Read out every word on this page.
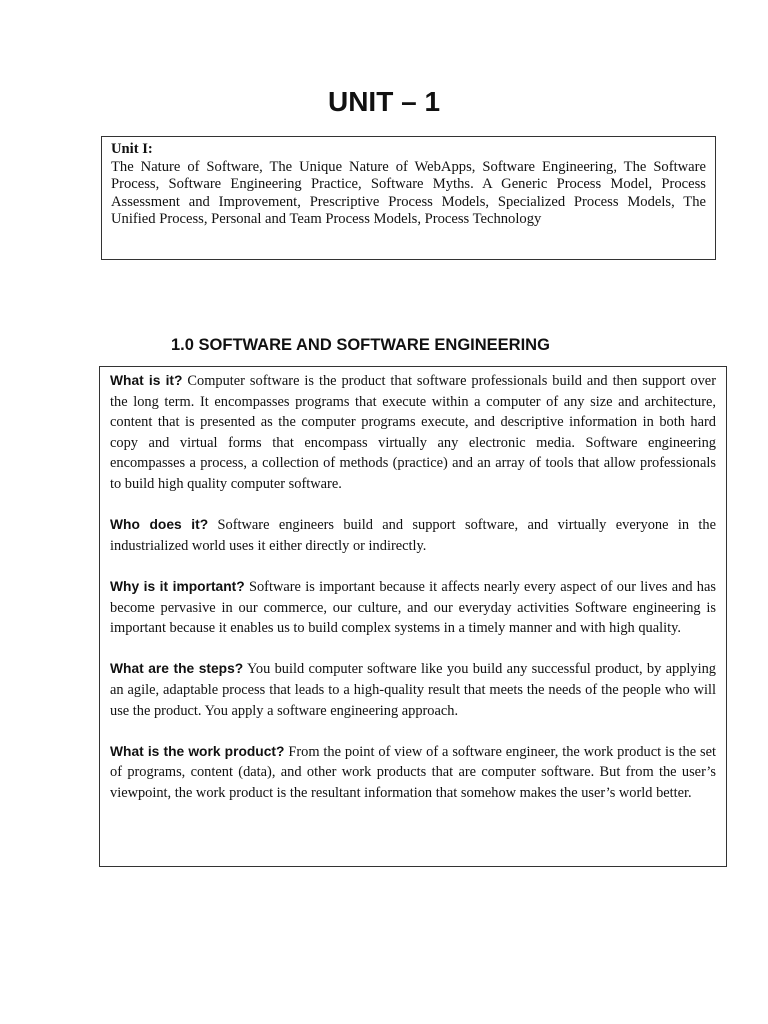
UNIT – 1
Unit I:
The Nature of Software, The Unique Nature of WebApps, Software Engineering, The Software Process, Software Engineering Practice, Software Myths. A Generic Process Model, Process Assessment and Improvement, Prescriptive Process Models, Specialized Process Models, The Unified Process, Personal and Team Process Models, Process Technology
1.0 SOFTWARE AND SOFTWARE ENGINEERING

What is it? Computer software is the product that software professionals build and then support over the long term. It encompasses programs that execute within a computer of any size and architecture, content that is presented as the computer programs execute, and descriptive information in both hard copy and virtual forms that encompass virtually any electronic media. Software engineering encompasses a process, a collection of methods (practice) and an array of tools that allow professionals to build high quality computer software.

Who does it? Software engineers build and support software, and virtually everyone in the industrialized world uses it either directly or indirectly.

Why is it important? Software is important because it affects nearly every aspect of our lives and has become pervasive in our commerce, our culture, and our everyday activities Software engineering is important because it enables us to build complex systems in a timely manner and with high quality.

What are the steps? You build computer software like you build any successful product, by applying an agile, adaptable process that leads to a high-quality result that meets the needs of the people who will use the product. You apply a software engineering approach.

What is the work product? From the point of view of a software engineer, the work product is the set of programs, content (data), and other work products that are computer software. But from the user’s viewpoint, the work product is the resultant information that somehow makes the user’s world better.
